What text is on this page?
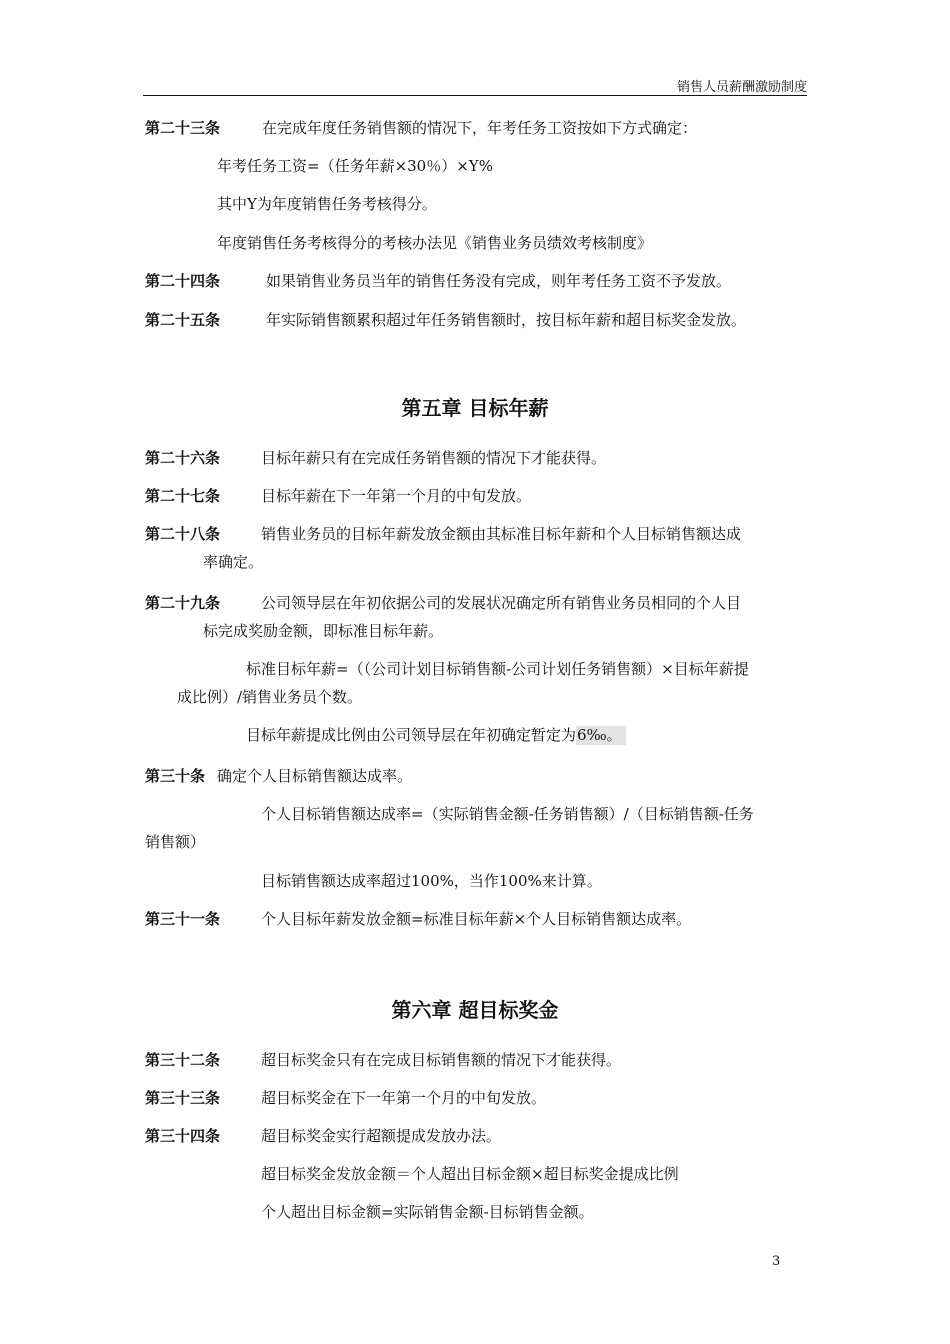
销售人员薪酬激励制度
第二十三条	在完成年度任务销售额的情况下，年考任务工资按如下方式确定：
年考任务工资=（任务年薪×30％）×Y%
其中Y为年度销售任务考核得分。
年度销售任务考核得分的考核办法见《销售业务员绩效考核制度》
第二十四条	如果销售业务员当年的销售任务没有完成，则年考任务工资不予发放。
第二十五条	年实际销售额累积超过年任务销售额时，按目标年薪和超目标奖金发放。
第五章 目标年薪
第二十六条	目标年薪只有在完成任务销售额的情况下才能获得。
第二十七条	目标年薪在下一年第一个月的中旬发放。
第二十八条	销售业务员的目标年薪发放金额由其标准目标年薪和个人目标销售额达成
率确定。
第二十九条	公司领导层在年初依据公司的发展状况确定所有销售业务员相同的个人目
标完成奖励金额，即标准目标年薪。
标准目标年薪=（（公司计划目标销售额-公司计划任务销售额）×目标年薪提
成比例）/销售业务员个数。
目标年薪提成比例由公司领导层在年初确定暂定为6‰。
第三十条 确定个人目标销售额达成率。
个人目标销售额达成率=（实际销售金额-任务销售额）/（目标销售额-任务
销售额）
目标销售额达成率超过100%，当作100%来计算。
第三十一条	个人目标年薪发放金额=标准目标年薪×个人目标销售额达成率。
第六章 超目标奖金
第三十二条	超目标奖金只有在完成目标销售额的情况下才能获得。
第三十三条	超目标奖金在下一年第一个月的中旬发放。
第三十四条	超目标奖金实行超额提成发放办法。
超目标奖金发放金额＝个人超出目标金额×超目标奖金提成比例
个人超出目标金额=实际销售金额-目标销售金额。
3
